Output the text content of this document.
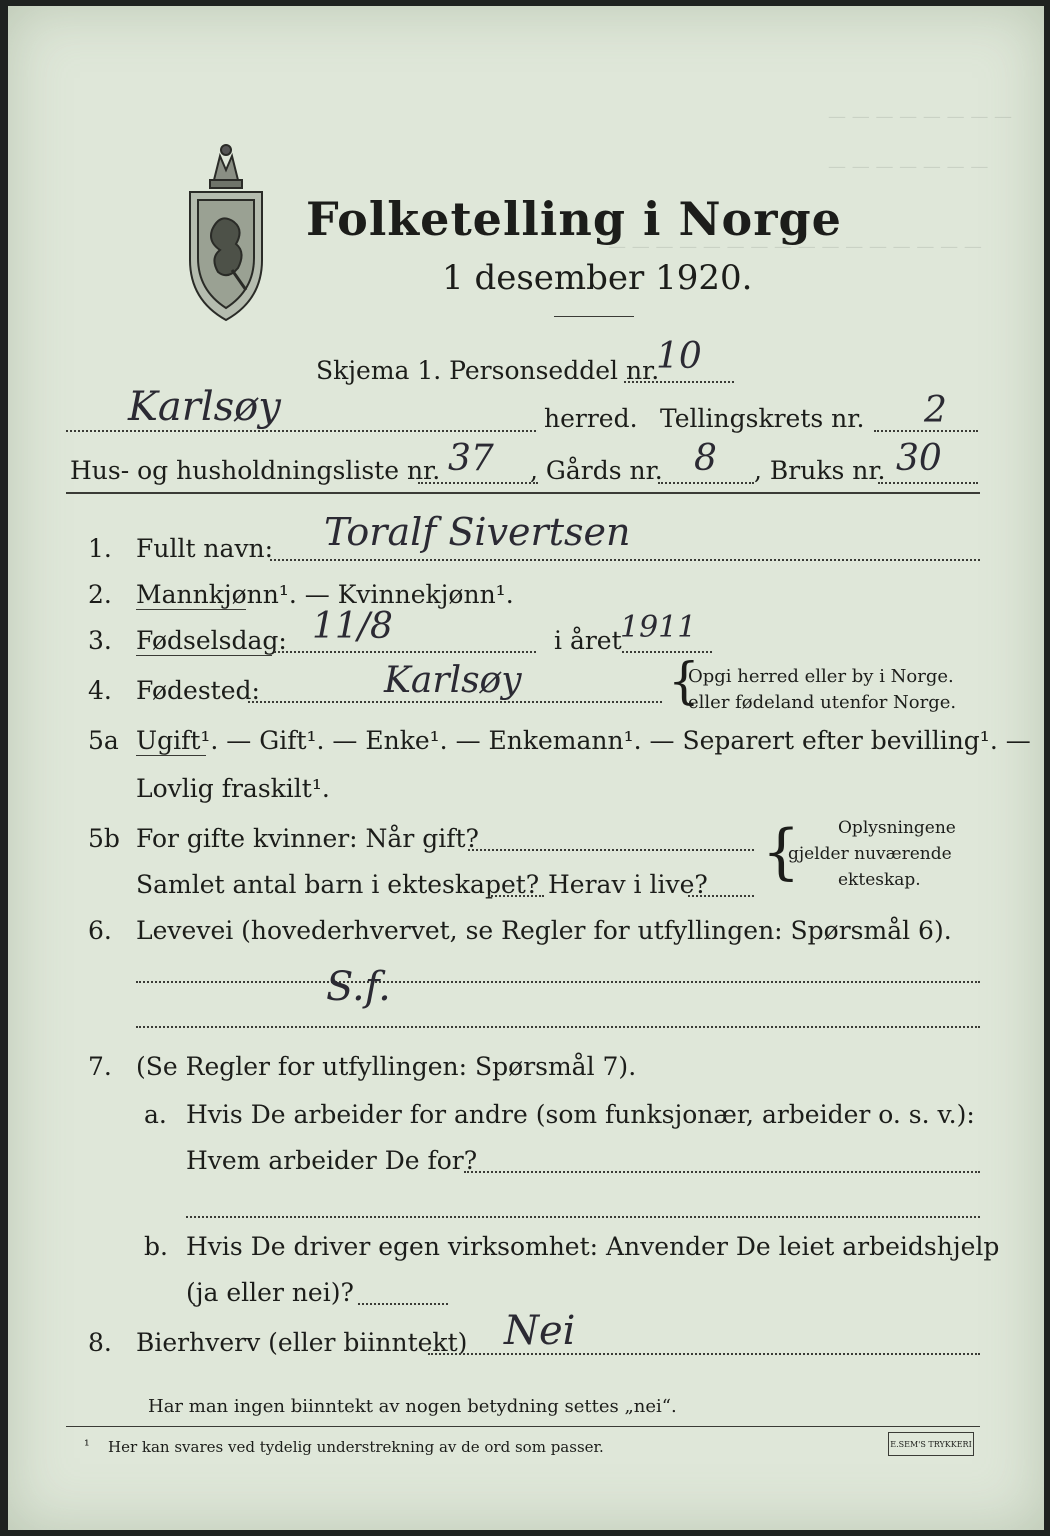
— — — — — — — —
— — — — — — —
— — — — — — — — — — — — — — — —
Folketelling i Norge
1 desember 1920.
Skjema 1. Personseddel nr.
10
Karlsøy	herred. Tellingskrets nr. 2
Hus- og husholdningsliste nr. 37 , Gårds nr. 8 , Bruks nr. 30
1. Fullt navn: Toralf Sivertsen
2. Mannkjønn¹. — Kvinnekjønn¹.
3. Fødselsdag: 11/8	i året
1911
4. Fødested:	Karlsøy	{
Opgi herred eller by i Norge.
eller fødeland utenfor Norge.
5a Ugift¹. — Gift¹. — Enke¹. — Enkemann¹. — Separert efter bevilling¹. —
Lovlig fraskilt¹.
5b For gifte kvinner: Når gift?
Samlet antal barn i ekteskapet? Herav i live? { Oplysningene
gjelder nuværende
ekteskap.
6. Levevei (hovederhvervet, se Regler for utfyllingen: Spørsmål 6).
S.f.
7. (Se Regler for utfyllingen: Spørsmål 7).
a. Hvis De arbeider for andre (som funksjonær, arbeider o. s. v.):
Hvem arbeider De for?
b. Hvis De driver egen virksomhet: Anvender De leiet arbeidshjelp
(ja eller nei)?
8. Bierhverv (eller biinntekt) Nei
Har man ingen biinntekt av nogen betydning settes „nei“.
¹ Her kan svares ved tydelig understrekning av de ord som passer.	E.SEM'S TRYKKERI
